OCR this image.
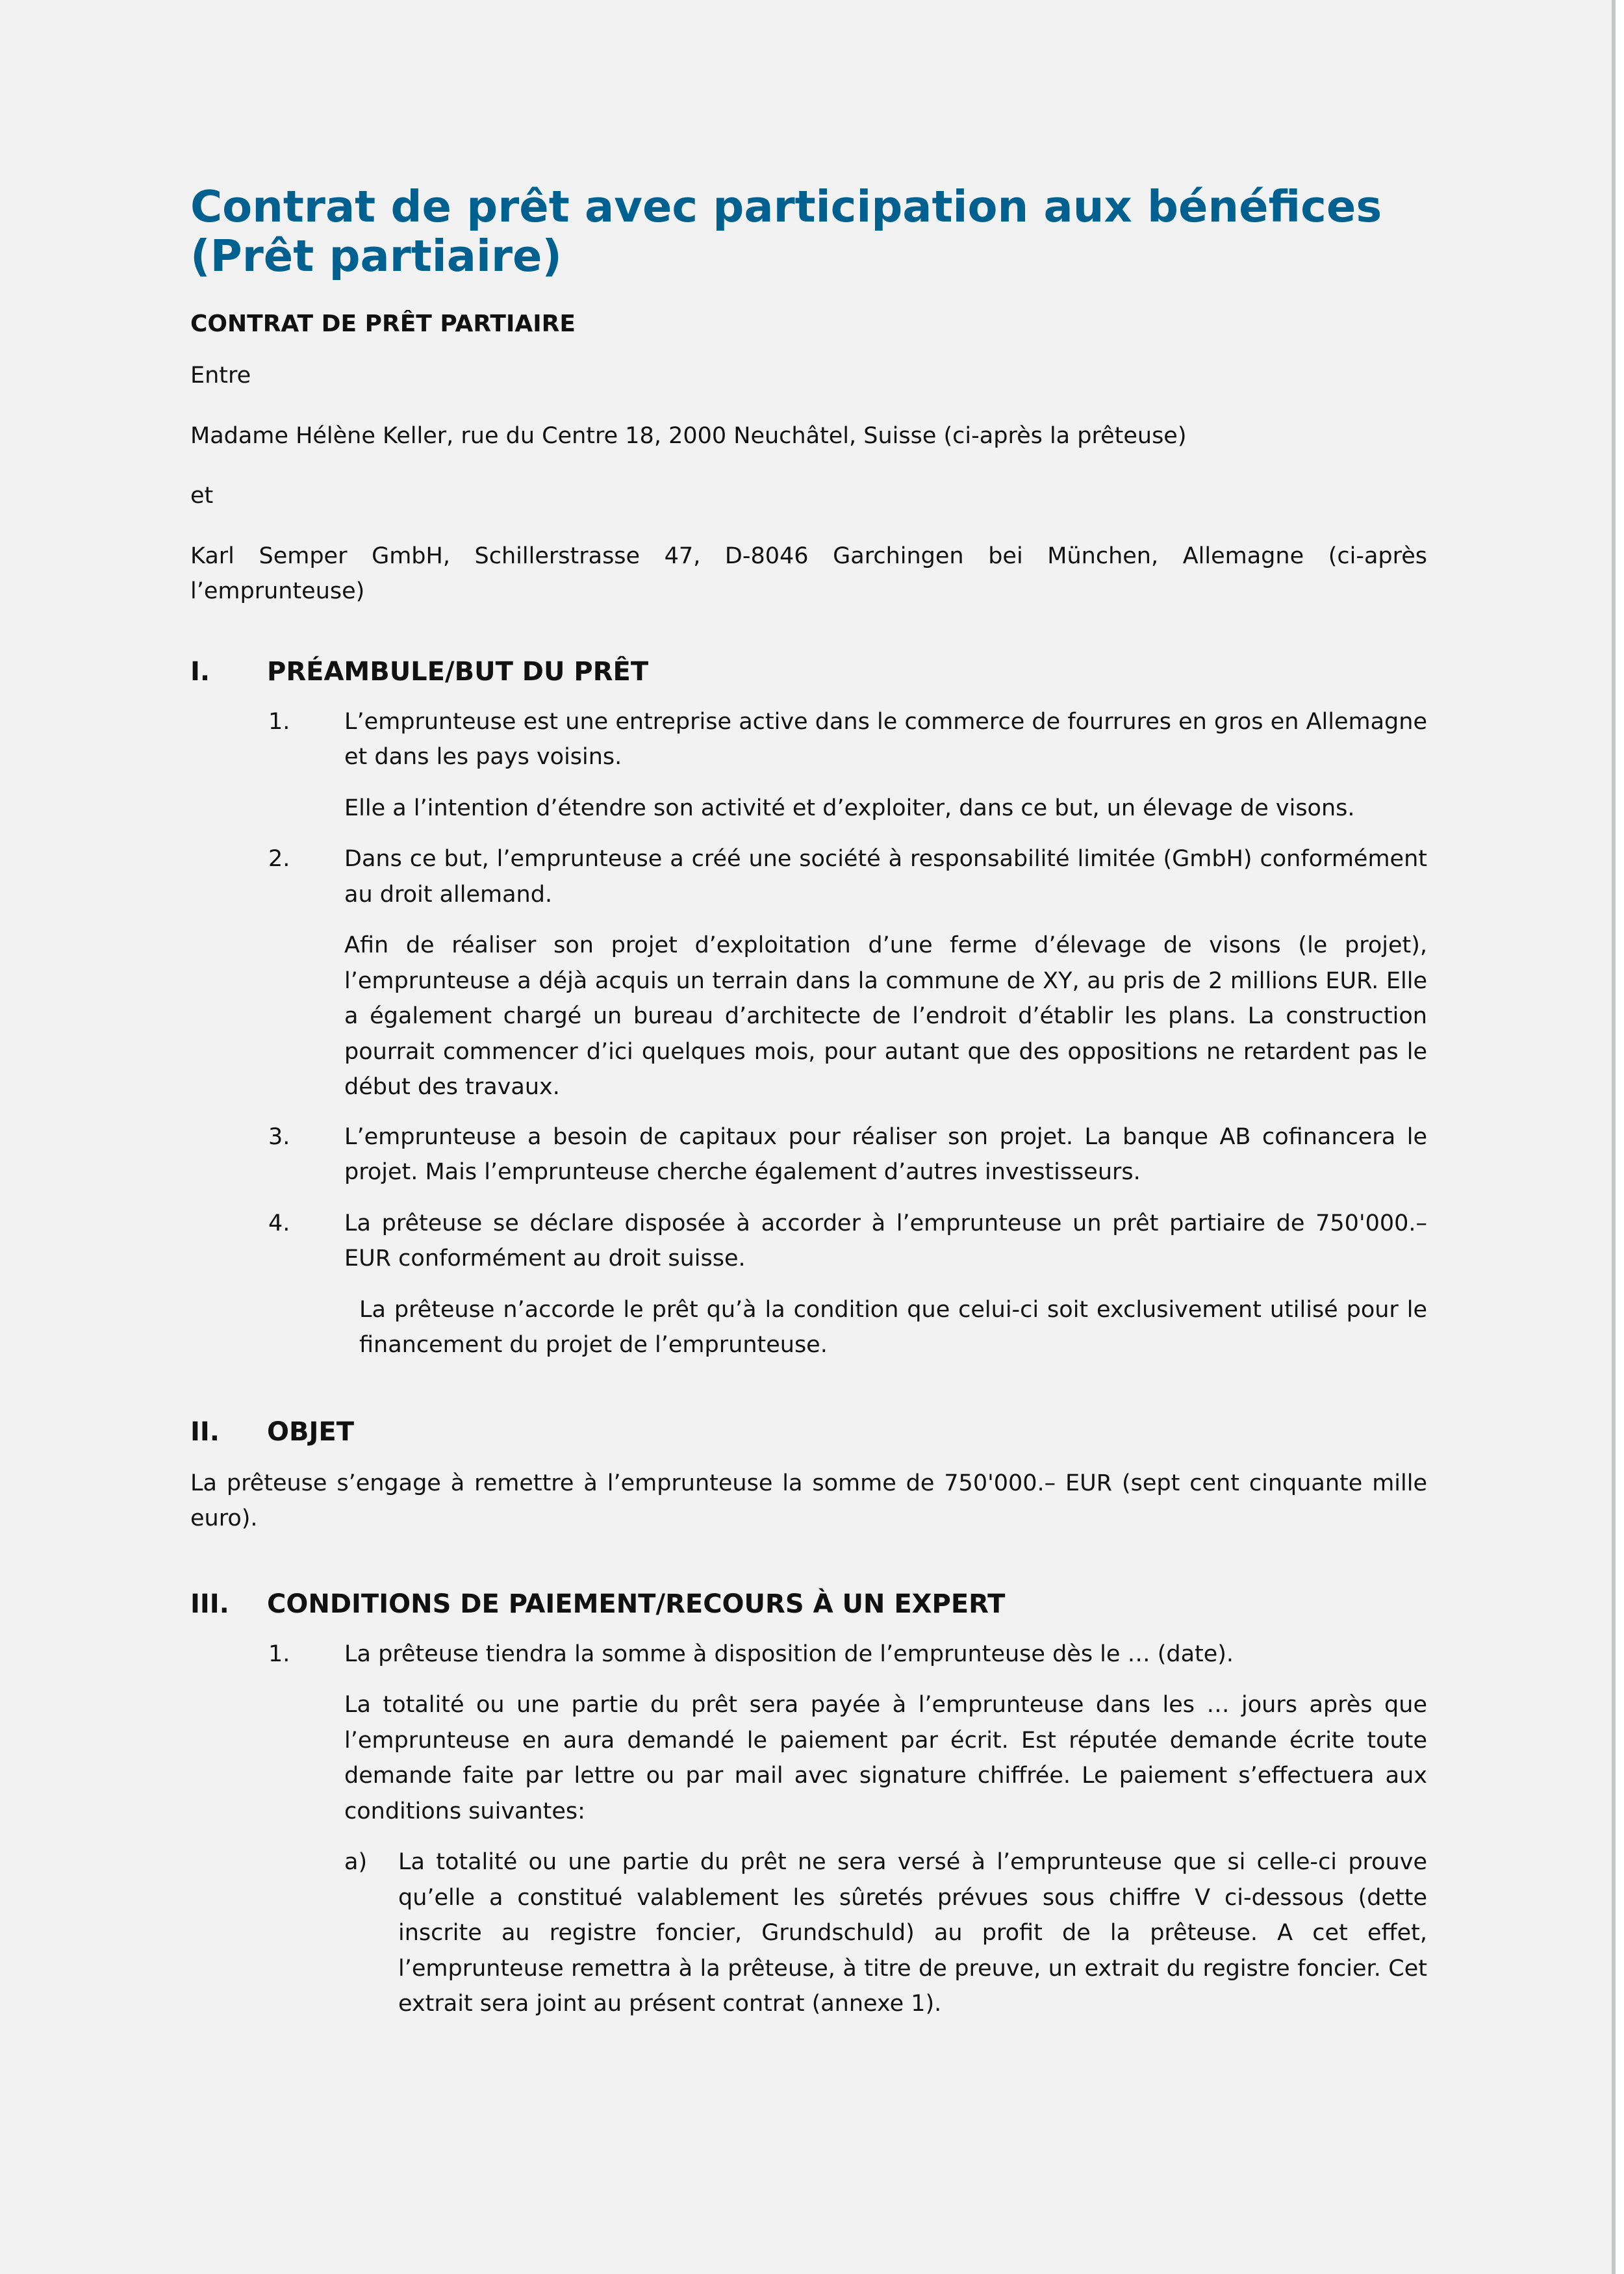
Contrat de prêt avec participation aux bénéfices
(Prêt partiaire)

CONTRAT DE PRÊT PARTIAIRE

Entre

Madame Hélène Keller, rue du Centre 18, 2000 Neuchâtel, Suisse (ci-après la prêteuse)

et

Karl Semper GmbH, Schillerstrasse 47, D-8046 Garchingen bei München, Allemagne (ci-après l’emprunteuse)

I.	PRÉAMBULE/BUT DU PRÊT
1.	L’emprunteuse est une entreprise active dans le commerce de fourrures en gros en Allemagne et dans les pays voisins.

Elle a l’intention d’étendre son activité et d’exploiter, dans ce but, un élevage de visons.

2.	Dans ce but, l’emprunteuse a créé une société à responsabilité limitée (GmbH) conformément au droit allemand.

Afin de réaliser son projet d’exploitation d’une ferme d’élevage de visons (le projet), l’emprunteuse a déjà acquis un terrain dans la commune de XY, au pris de 2 millions EUR. Elle a également chargé un bureau d’architecte de l’endroit d’établir les plans. La construction pourrait commencer d’ici quelques mois, pour autant que des oppositions ne retardent pas le début des travaux.

3.	L’emprunteuse a besoin de capitaux pour réaliser son projet. La banque AB cofinancera le projet. Mais l’emprunteuse cherche également d’autres investisseurs.

4.	La prêteuse se déclare disposée à accorder à l’emprunteuse un prêt partiaire de 750'000.– EUR conformément au droit suisse.

La prêteuse n’accorde le prêt qu’à la condition que celui-ci soit exclusivement utilisé pour le financement du projet de l’emprunteuse.

II.	OBJET

La prêteuse s’engage à remettre à l’emprunteuse la somme de 750'000.– EUR (sept cent cinquante mille euro).

III.	CONDITIONS DE PAIEMENT/RECOURS À UN EXPERT
1.	La prêteuse tiendra la somme à disposition de l’emprunteuse dès le … (date).

La totalité ou une partie du prêt sera payée à l’emprunteuse dans les … jours après que l’emprunteuse en aura demandé le paiement par écrit. Est réputée demande écrite toute demande faite par lettre ou par mail avec signature chiffrée. Le paiement s’effectuera aux conditions suivantes:

a)	La totalité ou une partie du prêt ne sera versé à l’emprunteuse que si celle-ci prouve qu’elle a constitué valablement les sûretés prévues sous chiffre V ci-dessous (dette inscrite au registre foncier, Grundschuld) au profit de la prêteuse. A cet effet, l’emprunteuse remettra à la prêteuse, à titre de preuve, un extrait du registre foncier. Cet extrait sera joint au présent contrat (annexe 1).
